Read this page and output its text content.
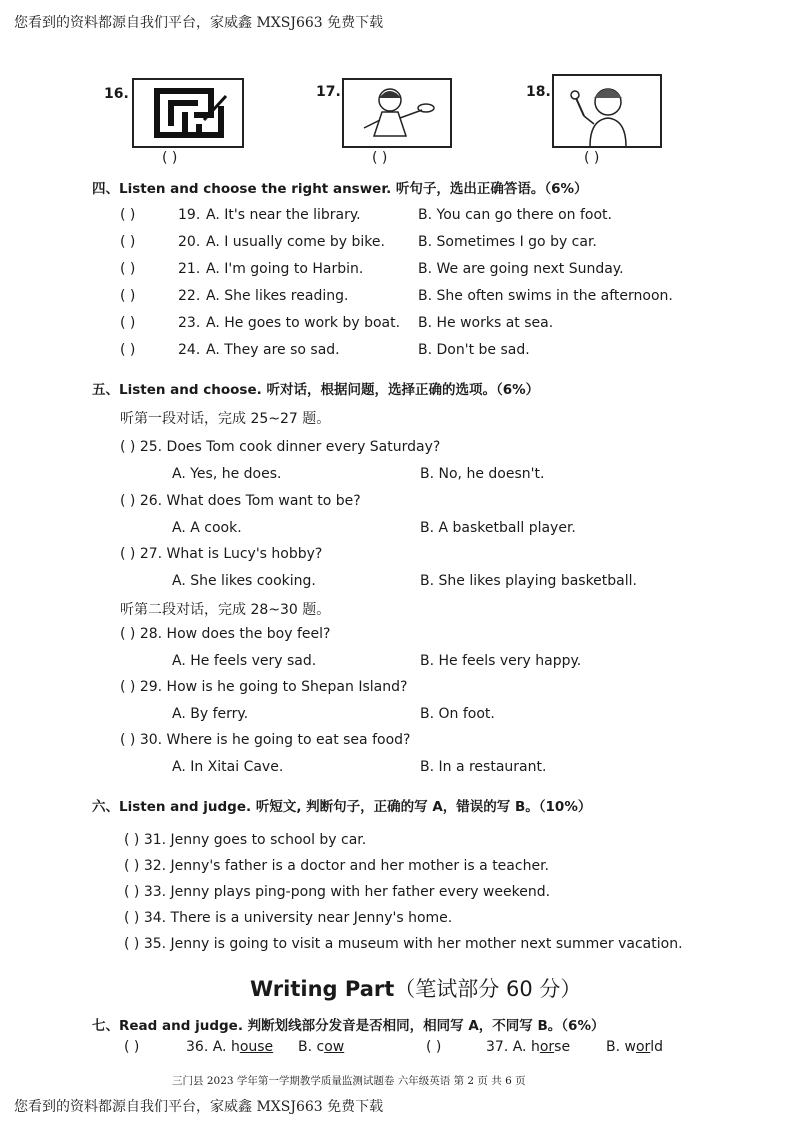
您看到的资料都源自我们平台，家威鑫 MXSJ663 免费下载
16.
( )
17.
( )
18.
( )
四、Listen and choose the right answer. 听句子，选出正确答语。（6%）
( )	19. A. It's near the library.	B. You can go there on foot.
( )	20. A. I usually come by bike. B. Sometimes I go by car.
( )	21. A. I'm going to Harbin.	B. We are going next Sunday.
( )	22. A. She likes reading.	B. She often swims in the afternoon.
( )	23. A. He goes to work by boat. B. He works at sea.
( )	24. A. They are so sad.	B. Don't be sad.
五、Listen and choose. 听对话，根据问题，选择正确的选项。（6%）
听第一段对话，完成 25~27 题。
( ) 25. Does Tom cook dinner every Saturday?
A. Yes, he does.	B. No, he doesn't.
( ) 26. What does Tom want to be?
A. A cook.	B. A basketball player.
( ) 27. What is Lucy's hobby?
A. She likes cooking.	B. She likes playing basketball.
听第二段对话，完成 28~30 题。
( ) 28. How does the boy feel?
A. He feels very sad.	B. He feels very happy.
( ) 29. How is he going to Shepan Island?
A. By ferry.	B. On foot.
( ) 30. Where is he going to eat sea food?
A. In Xitai Cave.	B. In a restaurant.
六、Listen and judge. 听短文, 判断句子，正确的写 A，错误的写 B。（10%）
( ) 31. Jenny goes to school by car.
( ) 32. Jenny's father is a doctor and her mother is a teacher.
( ) 33. Jenny plays ping-pong with her father every weekend.
( ) 34. There is a university near Jenny's home.
( ) 35. Jenny is going to visit a museum with her mother next summer vacation.
Writing Part（笔试部分 60 分）
七、Read and judge. 判断划线部分发音是否相同，相同写 A，不同写 B。（6%）
( )	36. A. house B. cow	( )	37. A. horse	B. world
三门县 2023 学年第一学期教学质量监测试题卷 六年级英语 第 2 页 共 6 页
您看到的资料都源自我们平台，家威鑫 MXSJ663 免费下载
